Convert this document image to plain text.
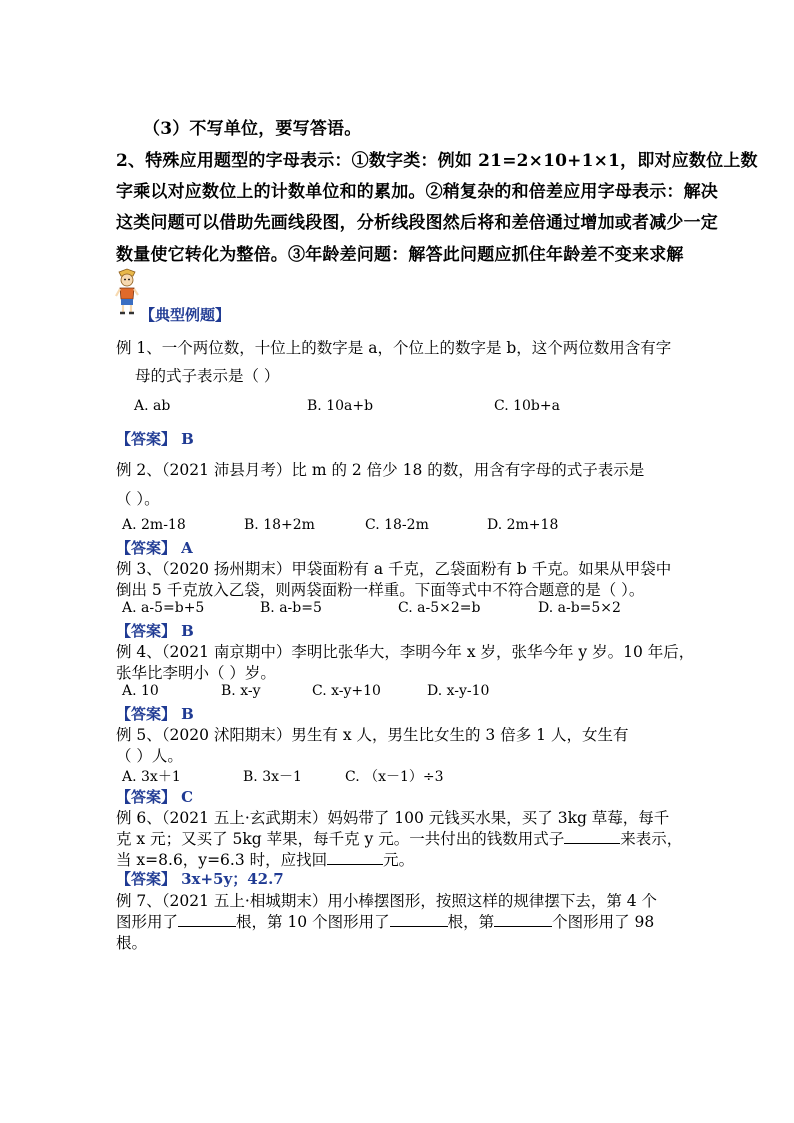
（3）不写单位，要写答语。
2、特殊应用题型的字母表示：①数字类：例如 21=2×10+1×1，即对应数位上数
字乘以对应数位上的计数单位和的累加。②稍复杂的和倍差应用字母表示：解决
这类问题可以借助先画线段图，分析线段图然后将和差倍通过增加或者减少一定
数量使它转化为整倍。③年龄差问题：解答此问题应抓住年龄差不变来求解
【典型例题】
例 1、一个两位数，十位上的数字是 a，个位上的数字是 b，这个两位数用含有字
母的式子表示是（ ）
A. ab	B. 10a+b	C. 10b+a
【答案】 B
例 2、（2021 沛县月考）比 m 的 2 倍少 18 的数，用含有字母的式子表示是
（ ）。
A. 2m-18	B. 18+2m	C. 18-2m	D. 2m+18
【答案】 A
例 3、（2020 扬州期末）甲袋面粉有 a 千克，乙袋面粉有 b 千克。如果从甲袋中
倒出 5 千克放入乙袋，则两袋面粉一样重。下面等式中不符合题意的是（ ）。
A. a-5=b+5	B. a-b=5	C. a-5×2=b	D. a-b=5×2
【答案】 B
例 4、（2021 南京期中）李明比张华大，李明今年 x 岁，张华今年 y 岁。10 年后，
张华比李明小（ ）岁。
A. 10	B. x-y	C. x-y+10	D. x-y-10
【答案】 B
例 5、（2020 沭阳期末）男生有 x 人，男生比女生的 3 倍多 1 人，女生有
（ ）人。
A. 3x＋1	B. 3x－1	C. （x－1）÷3
【答案】 C
例 6、（2021 五上·玄武期末）妈妈带了 100 元钱买水果，买了 3kg 草莓，每千
克 x 元；又买了 5kg 苹果，每千克 y 元。一共付出的钱数用式子	来表示，
当 x=8.6，y=6.3 时，应找回	元。
【答案】 3x+5y；42.7
例 7、（2021 五上·相城期末）用小棒摆图形，按照这样的规律摆下去，第 4 个
图形用了	根，第 10 个图形用了	根，第	个图形用了 98
根。
